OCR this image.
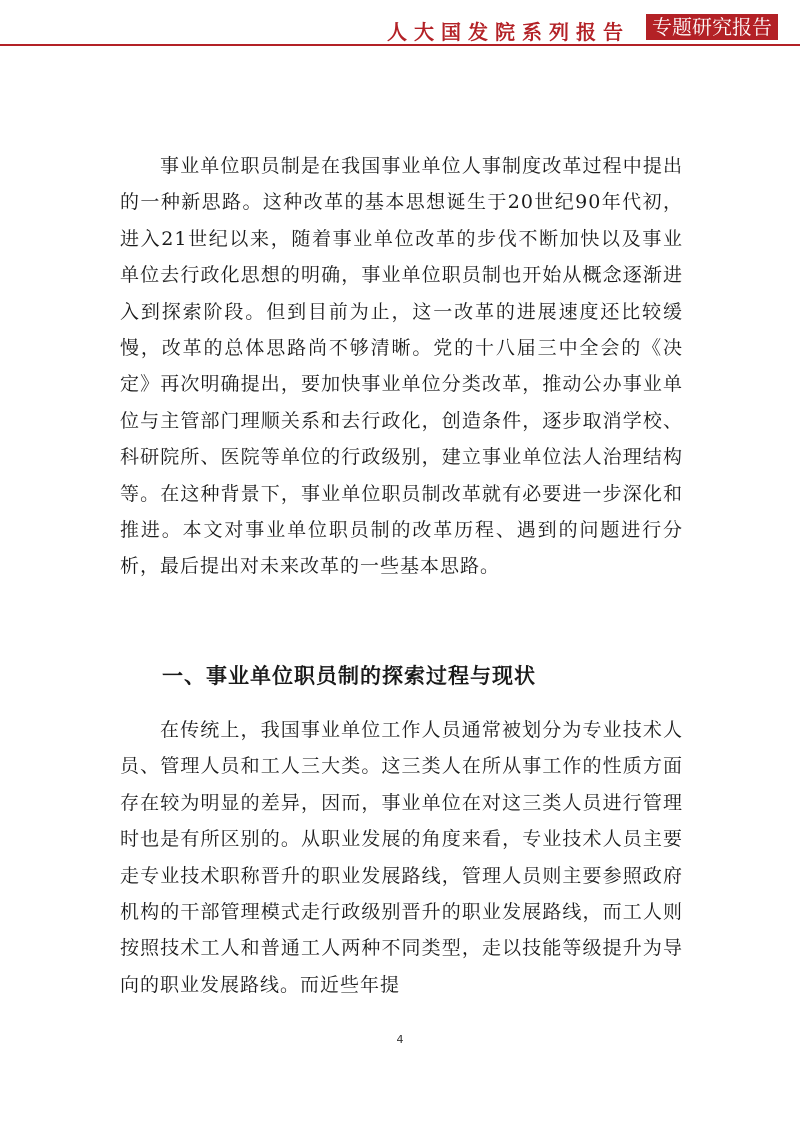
人大国发院系列报告	专题研究报告

事业单位职员制是在我国事业单位人事制度改革过程中提出的一种新思路。这种改革的基本思想诞生于20世纪90年代初，进入21世纪以来，随着事业单位改革的步伐不断加快以及事业单位去行政化思想的明确，事业单位职员制也开始从概念逐渐进入到探索阶段。但到目前为止，这一改革的进展速度还比较缓慢，改革的总体思路尚不够清晰。党的十八届三中全会的《决定》再次明确提出，要加快事业单位分类改革，推动公办事业单位与主管部门理顺关系和去行政化，创造条件，逐步取消学校、科研院所、医院等单位的行政级别，建立事业单位法人治理结构等。在这种背景下，事业单位职员制改革就有必要进一步深化和推进。本文对事业单位职员制的改革历程、遇到的问题进行分析，最后提出对未来改革的一些基本思路。

一、事业单位职员制的探索过程与现状

在传统上，我国事业单位工作人员通常被划分为专业技术人员、管理人员和工人三大类。这三类人在所从事工作的性质方面存在较为明显的差异，因而，事业单位在对这三类人员进行管理时也是有所区别的。从职业发展的角度来看，专业技术人员主要走专业技术职称晋升的职业发展路线，管理人员则主要参照政府机构的干部管理模式走行政级别晋升的职业发展路线，而工人则按照技术工人和普通工人两种不同类型，走以技能等级提升为导向的职业发展路线。而近些年提

4
